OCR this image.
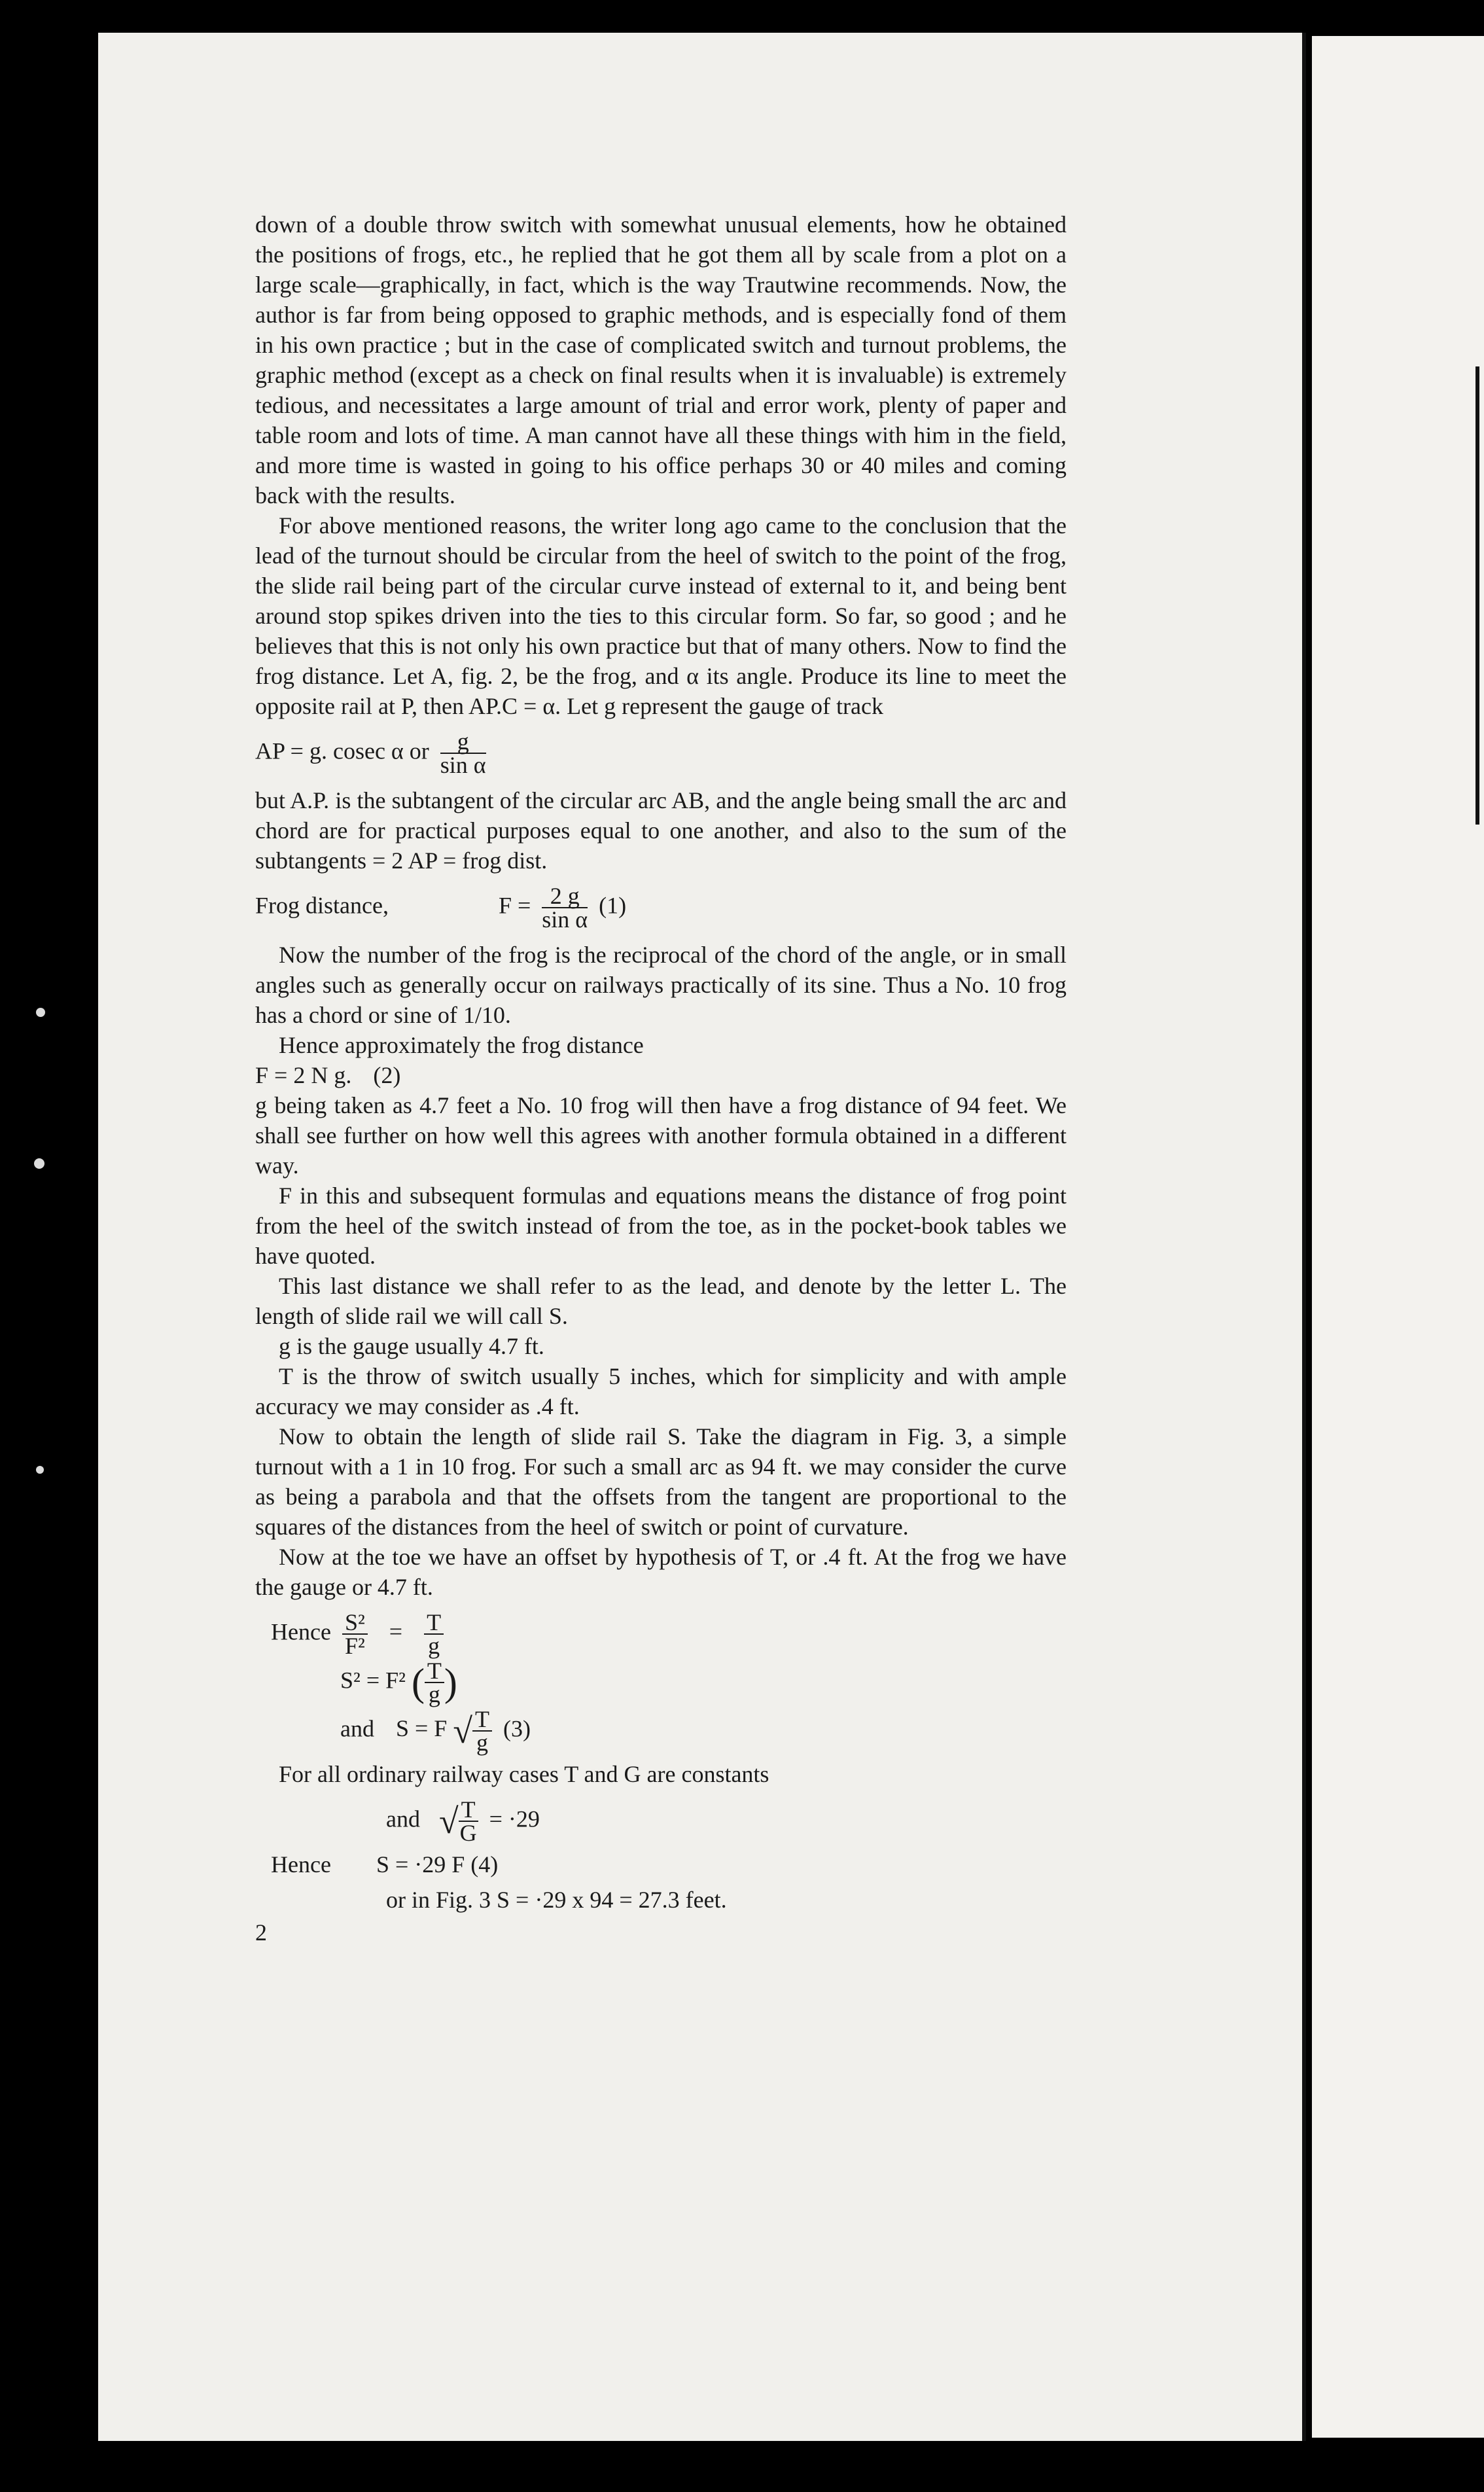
down of a double throw switch with somewhat unusual elements, how he obtained the positions of frogs, etc., he replied that he got them all by scale from a plot on a large scale—graphically, in fact, which is the way Trautwine recommends. Now, the author is far from being opposed to graphic methods, and is especially fond of them in his own practice ; but in the case of complicated switch and turnout problems, the graphic method (except as a check on final results when it is invaluable) is extremely tedious, and necessitates a large amount of trial and error work, plenty of paper and table room and lots of time. A man cannot have all these things with him in the field, and more time is wasted in going to his office perhaps 30 or 40 miles and coming back with the results.

For above mentioned reasons, the writer long ago came to the conclusion that the lead of the turnout should be circular from the heel of switch to the point of the frog, the slide rail being part of the circular curve instead of external to it, and being bent around stop spikes driven into the ties to this circular form. So far, so good ; and he believes that this is not only his own practice but that of many others. Now to find the frog distance. Let A, fig. 2, be the frog, and α its angle. Produce its line to meet the opposite rail at P, then AP.C = α. Let g represent the gauge of track

AP = g. cosec α or $\frac{g}{\text{sin α}}$

but A.P. is the subtangent of the circular arc AB, and the angle being small the arc and chord are for practical purposes equal to one another, and also to the sum of the subtangents = 2 AP = frog dist.

Frog distance,	$F = \frac{2 g}{\text{sin α}} (1)$

Now the number of the frog is the reciprocal of the chord of the angle, or in small angles such as generally occur on railways practically of its sine. Thus a No. 10 frog has a chord or sine of 1/10.

Hence approximately the frog distance

F = 2 N g. (2)

g being taken as 4.7 feet a No. 10 frog will then have a frog distance of 94 feet. We shall see further on how well this agrees with another formula obtained in a different way.

F in this and subsequent formulas and equations means the distance of frog point from the heel of the switch instead of from the toe, as in the pocket-book tables we have quoted.

This last distance we shall refer to as the lead, and denote by the letter L. The length of slide rail we will call S.

g is the gauge usually 4.7 ft.

T is the throw of switch usually 5 inches, which for simplicity and with ample accuracy we may consider as .4 ft.

Now to obtain the length of slide rail S. Take the diagram in Fig. 3, a simple turnout with a 1 in 10 frog. For such a small arc as 94 ft. we may consider the curve as being a parabola and that the offsets from the tangent are proportional to the squares of the distances from the heel of switch or point of curvature.

Now at the toe we have an offset by hypothesis of T, or .4 ft. At the frog we have the gauge or 4.7 ft.

Hence $\frac{\text{S²}}{\text{F²}} = \frac{T}{g}$

S² = F² ( $\frac{T}{g}$ )

and S = F √ $\frac{T}{g} (3)$

For all ordinary railway cases T and G are constants

and √ $\frac{T}{G} = \cdot 29$

Hence S = ·29 F (4)

or in Fig. 3 S = ·29 x 94 = 27.3 feet.

2
